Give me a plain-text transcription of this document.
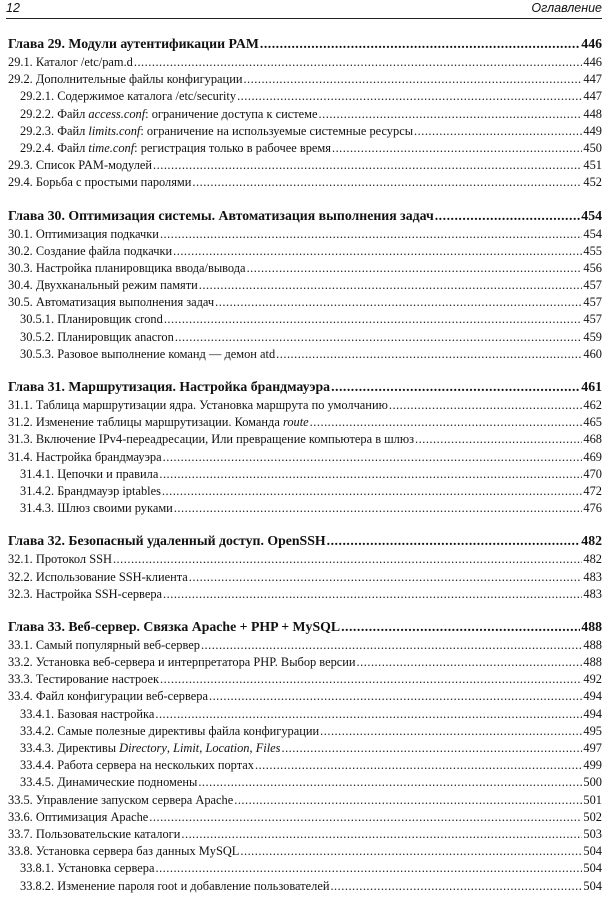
12	Оглавление
Глава 29. Модули аутентификации PAM .....	446
29.1. Каталог /etc/pam.d .....	446
29.2. Дополнительные файлы конфигурации .....	447
29.2.1. Содержимое каталога /etc/security .....	447
29.2.2. Файл access.conf: ограничение доступа к системе .....	448
29.2.3. Файл limits.conf: ограничение на используемые системные ресурсы .....	449
29.2.4. Файл time.conf: регистрация только в рабочее время .....	450
29.3. Список PAM-модулей .....	451
29.4. Борьба с простыми паролями .....	452
Глава 30. Оптимизация системы. Автоматизация выполнения задач .....	454
30.1. Оптимизация подкачки .....	454
30.2. Создание файла подкачки .....	455
30.3. Настройка планировщика ввода/вывода .....	456
30.4. Двухканальный режим памяти .....	457
30.5. Автоматизация выполнения задач .....	457
30.5.1. Планировщик crond .....	457
30.5.2. Планировщик anacron .....	459
30.5.3. Разовое выполнение команд — демон atd .....	460
Глава 31. Маршрутизация. Настройка брандмауэра .....	461
31.1. Таблица маршрутизации ядра. Установка маршрута по умолчанию .....	462
31.2. Изменение таблицы маршрутизации. Команда route .....	465
31.3. Включение IPv4-переадресации, Или превращение компьютера в шлюз .....	468
31.4. Настройка брандмауэра .....	469
31.4.1. Цепочки и правила .....	470
31.4.2. Брандмауэр iptables .....	472
31.4.3. Шлюз своими руками .....	476
Глава 32. Безопасный удаленный доступ. OpenSSH .....	482
32.1. Протокол SSH .....	482
32.2. Использование SSH-клиента .....	483
32.3. Настройка SSH-сервера .....	483
Глава 33. Веб-сервер. Связка Apache + PHP + MySQL .....	488
33.1. Самый популярный веб-сервер .....	488
33.2. Установка веб-сервера и интерпретатора PHP. Выбор версии .....	488
33.3. Тестирование настроек .....	492
33.4. Файл конфигурации веб-сервера .....	494
33.4.1. Базовая настройка .....	494
33.4.2. Самые полезные директивы файла конфигурации .....	495
33.4.3. Директивы Directory, Limit, Location, Files .....	497
33.4.4. Работа сервера на нескольких портах .....	499
33.4.5. Динамические подномены .....	500
33.5. Управление запуском сервера Apache .....	501
33.6. Оптимизация Apache .....	502
33.7. Пользовательские каталоги .....	503
33.8. Установка сервера баз данных MySQL .....	504
33.8.1. Установка сервера .....	504
33.8.2. Изменение пароля root и добавление пользователей .....	504
